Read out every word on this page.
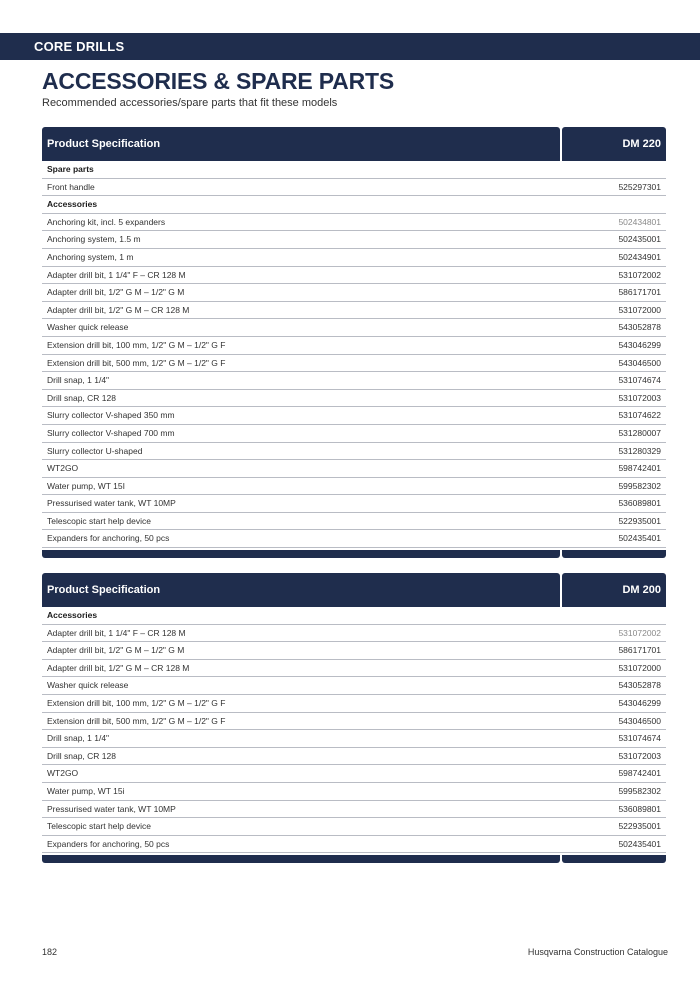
CORE DRILLS
ACCESSORIES & SPARE PARTS

Recommended accessories/spare parts that fit these models

Product Specification	DM 220
Spare parts
Front handle	525297301
Accessories
Anchoring kit, incl. 5 expanders	502434801
Anchoring system, 1.5 m	502435001
Anchoring system, 1 m	502434901
Adapter drill bit, 1 1/4" F – CR 128 M	531072002
Adapter drill bit, 1/2" G M – 1/2" G M	586171701
Adapter drill bit, 1/2" G M – CR 128 M	531072000
Washer quick release	543052878
Extension drill bit, 100 mm, 1/2" G M – 1/2" G F	543046299
Extension drill bit, 500 mm, 1/2" G M – 1/2" G F	543046500
Drill snap, 1 1/4"	531074674
Drill snap, CR 128	531072003
Slurry collector V-shaped 350 mm	531074622
Slurry collector V-shaped 700 mm	531280007
Slurry collector U-shaped	531280329
WT2GO	598742401
Water pump, WT 15I	599582302
Pressurised water tank, WT 10MP	536089801
Telescopic start help device	522935001
Expanders for anchoring, 50 pcs	502435401
Product Specification	DM 200
Accessories
Adapter drill bit, 1 1/4" F – CR 128 M	531072002
Adapter drill bit, 1/2" G M – 1/2" G M	586171701
Adapter drill bit, 1/2" G M – CR 128 M	531072000
Washer quick release	543052878
Extension drill bit, 100 mm, 1/2" G M – 1/2" G F	543046299
Extension drill bit, 500 mm, 1/2" G M – 1/2" G F	543046500
Drill snap, 1 1/4"	531074674
Drill snap, CR 128	531072003
WT2GO	598742401
Water pump, WT 15i	599582302
Pressurised water tank, WT 10MP	536089801
Telescopic start help device	522935001
Expanders for anchoring, 50 pcs	502435401
182	Husqvarna Construction Catalogue
